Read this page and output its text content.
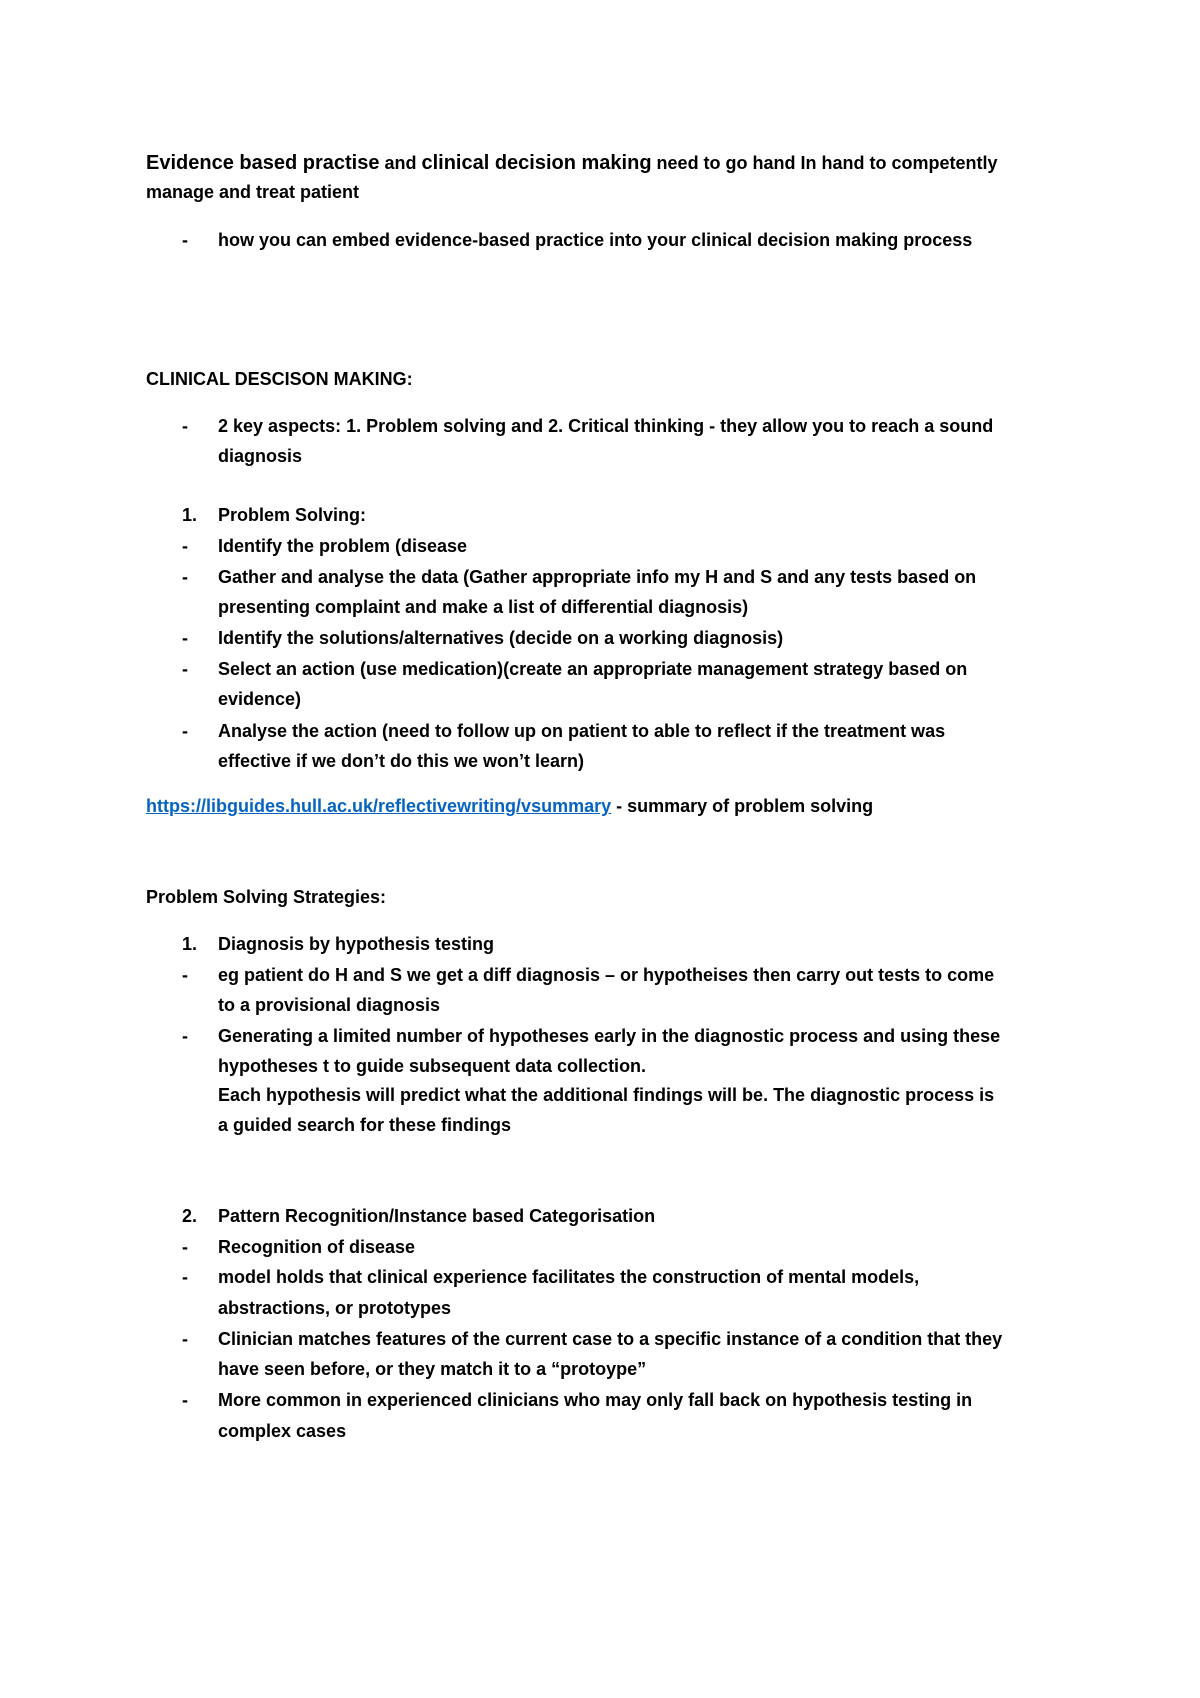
Evidence based practise and clinical decision making need to go hand In hand to competently
manage and treat patient
- how you can embed evidence-based practice into your clinical decision making process
CLINICAL DESCISON MAKING:
- 2 key aspects: 1. Problem solving and 2. Critical thinking - they allow you to reach a sound
diagnosis
1. Problem Solving:
- Identify the problem (disease
- Gather and analyse the data (Gather appropriate info my H and S and any tests based on
presenting complaint and make a list of differential diagnosis)
- Identify the solutions/alternatives (decide on a working diagnosis)
- Select an action (use medication)(create an appropriate management strategy based on
evidence)
- Analyse the action (need to follow up on patient to able to reflect if the treatment was
effective if we don’t do this we won’t learn)
https://libguides.hull.ac.uk/reflectivewriting/vsummary - summary of problem solving
Problem Solving Strategies:
1. Diagnosis by hypothesis testing
- eg patient do H and S we get a diff diagnosis – or hypotheises then carry out tests to come
to a provisional diagnosis
- Generating a limited number of hypotheses early in the diagnostic process and using these
hypotheses t to guide subsequent data collection.
Each hypothesis will predict what the additional findings will be. The diagnostic process is
a guided search for these findings
2. Pattern Recognition/Instance based Categorisation
- Recognition of disease
- model holds that clinical experience facilitates the construction of mental models,
abstractions, or prototypes
- Clinician matches features of the current case to a specific instance of a condition that they
have seen before, or they match it to a “protoype”
- More common in experienced clinicians who may only fall back on hypothesis testing in
complex cases
